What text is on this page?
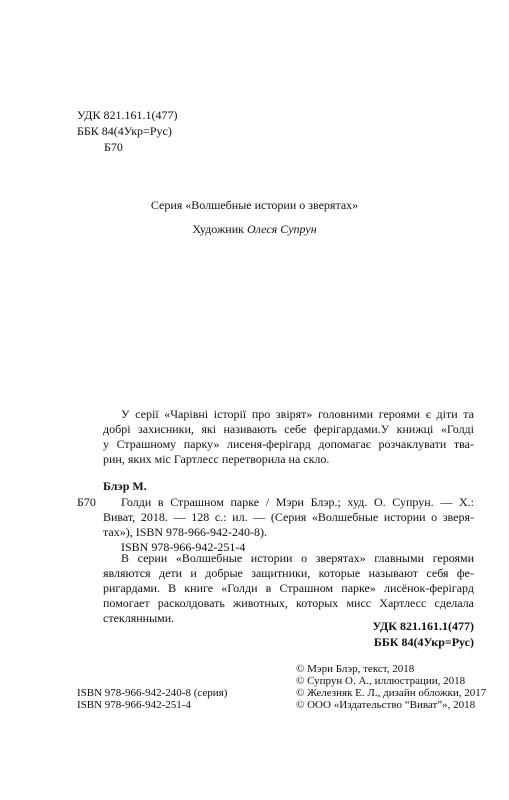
УДК 821.161.1(477)
ББК 84(4Укр=Рус)
Б70
Серия «Волшебные истории о зверятах»
Художник Олеся Супрун
У серії «Чарівні історії про звірят» головними героями є діти та
добрі захисники, які називають себе ферігардами.У книжці «Голді
у Страшному парку» лисеня-ферігард допомагає розчаклувати тва-
рин, яких міс Гартлесс перетворила на скло.
Блэр М.
Б70	Голди в Страшном парке / Мэри Блэр.; худ. О. Супрун. — Х.:
Виват, 2018. — 128 с.: ил. — (Серия «Волшебные истории о зверя-
тах»), ISBN 978-966-942-240-8).
ISBN 978-966-942-251-4
В серии «Волшебные истории о зверятах» главными героями
являются дети и добрые защитники, которые называют себя фе-
ригардами. В книге «Голди в Страшном парке» лисёнок-ферігард
помогает расколдовать животных, которых мисс Хартлесс сделала
стеклянными.
УДК 821.161.1(477)
ББК 84(4Укр=Рус)
© Мэри Блэр, текст, 2018
© Супрун О. А., иллюстрации, 2018
© Железняк Е. Л., дизайн обложки, 2017
© ООО «Издательство “Виват”», 2018
ISBN 978-966-942-240-8 (серия)
ISBN 978-966-942-251-4
